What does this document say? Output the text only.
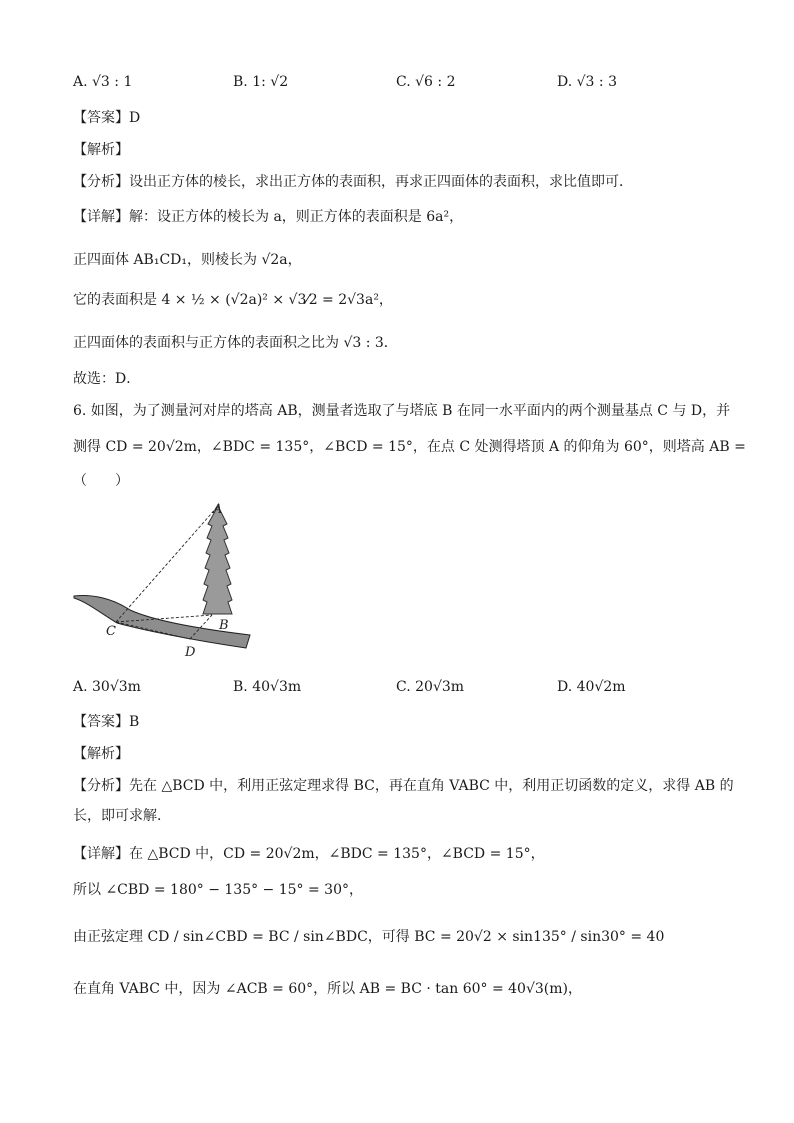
A. √3 : 1	B. 1: √2	C. √6 : 2	D. √3 : 3
【答案】D
【解析】
【分析】设出正方体的棱长，求出正方体的表面积，再求正四面体的表面积，求比值即可．
【详解】解：设正方体的棱长为 a，则正方体的表面积是 6a²，
正四面体 AB₁CD₁，则棱长为 √2a，
它的表面积是 4 × ½ × (√2a)² × √3⁄2 = 2√3a²，
正四面体的表面积与正方体的表面积之比为 √3 : 3．
故选：D．
6. 如图，为了测量河对岸的塔高 AB，测量者选取了与塔底 B 在同一水平面内的两个测量基点 C 与 D，并
测得 CD = 20√2m，∠BDC = 135°，∠BCD = 15°，在点 C 处测得塔顶 A 的仰角为 60°，则塔高 AB =
（　　）
A
B
C
D
A. 30√3m	B. 40√3m	C. 20√3m	D. 40√2m
【答案】B
【解析】
【分析】先在 △BCD 中，利用正弦定理求得 BC，再在直角 VABC 中，利用正切函数的定义，求得 AB 的
长，即可求解.
【详解】在 △BCD 中，CD = 20√2m，∠BDC = 135°，∠BCD = 15°，
所以 ∠CBD = 180° − 135° − 15° = 30°，
由正弦定理 CD / sin∠CBD = BC / sin∠BDC，可得 BC = 20√2 × sin135° / sin30° = 40
在直角 VABC 中，因为 ∠ACB = 60°，所以 AB = BC · tan 60° = 40√3(m)，
